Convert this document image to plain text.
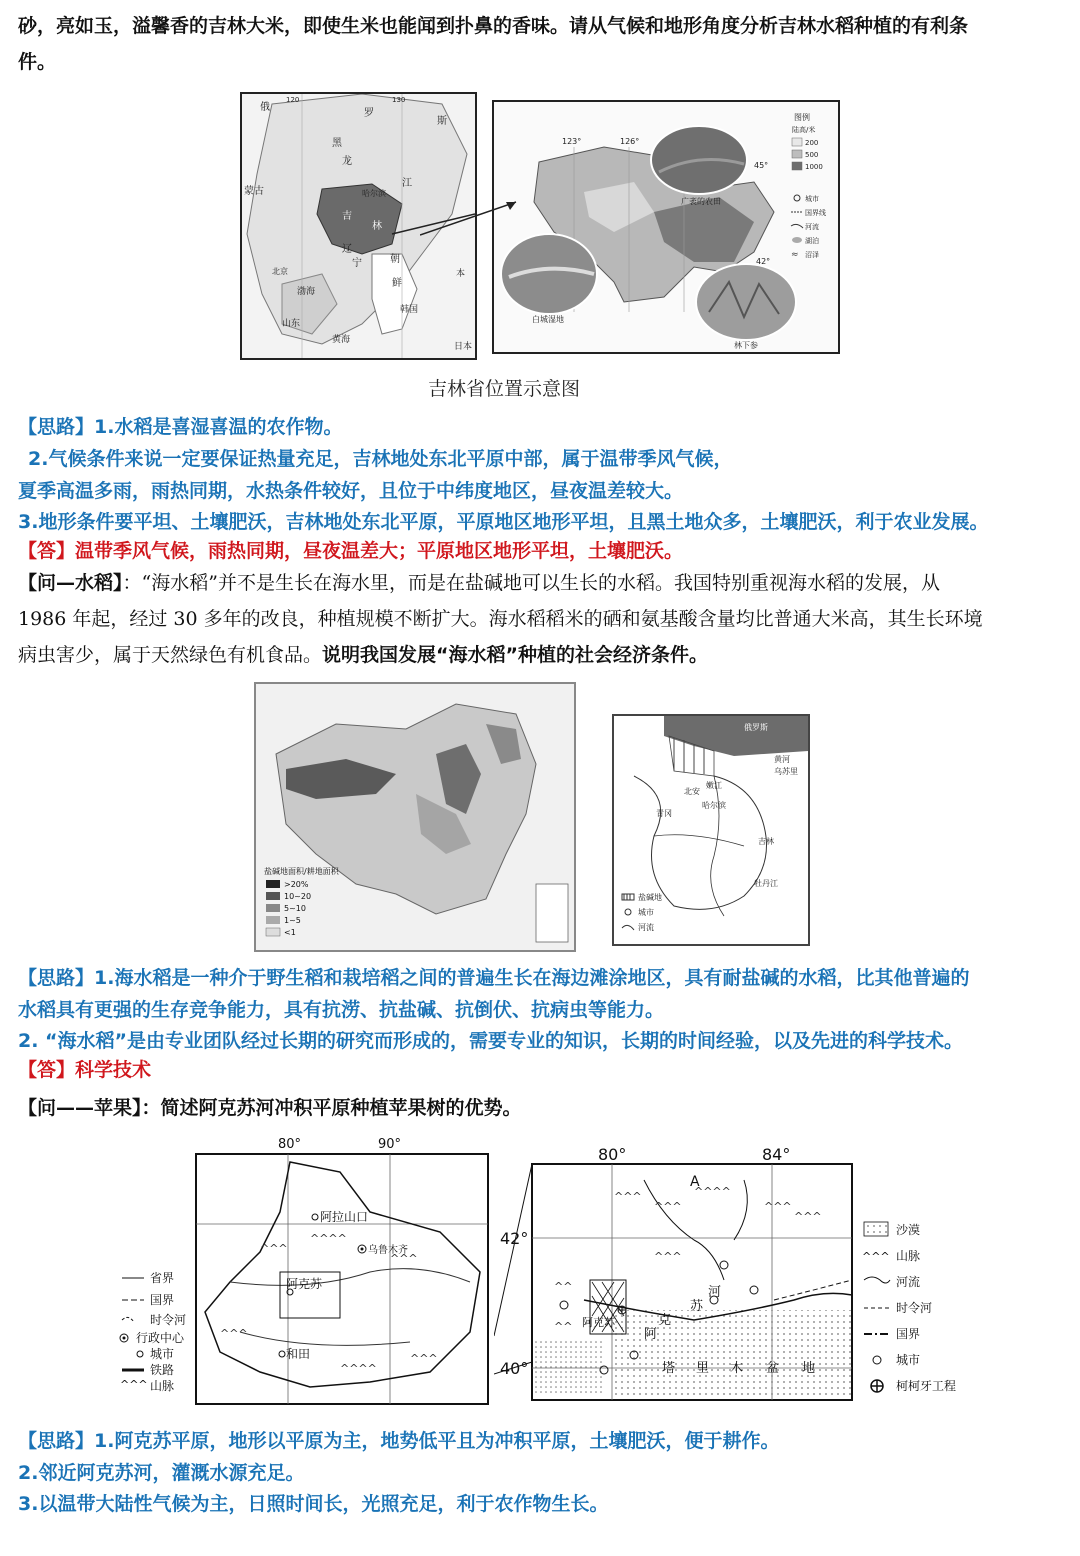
砂，亮如玉，溢馨香的吉林大米，即使生米也能闻到扑鼻的香味。请从气候和地形角度分析吉林水稻种植的有利条
件。
俄
罗
斯
黑
龙
江
蒙古	哈尔滨
吉
林
辽
宁	朝
鲜
北京
渤海
黄海
山东
韩国
日本
本
120	130
123°	126°
45°
42°
广袤的农田
白城湿地
林下参
图例
陆高/米
200
500
1000
城市
国界线
河流
湖泊
≈ 沼泽
吉林省位置示意图
【思路】1.水稻是喜湿喜温的农作物。
2.气候条件来说一定要保证热量充足，吉林地处东北平原中部，属于温带季风气候，
夏季高温多雨，雨热同期，水热条件较好，且位于中纬度地区，昼夜温差较大。
3.地形条件要平坦、土壤肥沃，吉林地处东北平原，平原地区地形平坦，且黑土地众多，土壤肥沃，利于农业发展。
【答】温带季风气候，雨热同期，昼夜温差大；平原地区地形平坦，土壤肥沃。
【问—水稻】：“海水稻”并不是生长在海水里，而是在盐碱地可以生长的水稻。我国特别重视海水稻的发展，从
1986 年起，经过 30 多年的改良，种植规模不断扩大。海水稻稻米的硒和氨基酸含量均比普通大米高，其生长环境
病虫害少，属于天然绿色有机食品。说明我国发展“海水稻”种植的社会经济条件。
盐碱地面积/耕地面积
>20%
10~20
5~10
1~5
<1
俄罗斯
黄河
乌苏里
嫩江
青冈
北安
哈尔滨
吉林
牡丹江
盐碱地
城市
河流
【思路】1.海水稻是一种介于野生稻和栽培稻之间的普遍生长在海边滩涂地区，具有耐盐碱的水稻，比其他普遍的
水稻具有更强的生存竞争能力，具有抗涝、抗盐碱、抗倒伏、抗病虫等能力。
2. “海水稻”是由专业团队经过长期的研究而形成的，需要专业的知识，长期的时间经验，以及先进的科学技术。
【答】科学技术
【问——苹果】：简述阿克苏河冲积平原种植苹果树的优势。
80°	90°
^^^
^^^^
^^^
^^^
^^^^
^^^
阿拉山口
乌鲁木齐
阿克苏
和田
省界
国界
时令河
行政中心
城市
铁路
^^^ 山脉
80°	84°
42°
40°
^^^
^^^
^^^^
^^^
^^^
^^
^^^
^^
A
阿克苏
阿
克
苏
河
塔 里 木 盆 地
沙漠
^^^ 山脉
河流
时令河
国界
城市
柯柯牙工程
【思路】1.阿克苏平原，地形以平原为主，地势低平且为冲积平原，土壤肥沃，便于耕作。
2.邻近阿克苏河，灌溉水源充足。
3.以温带大陆性气候为主，日照时间长，光照充足，利于农作物生长。
